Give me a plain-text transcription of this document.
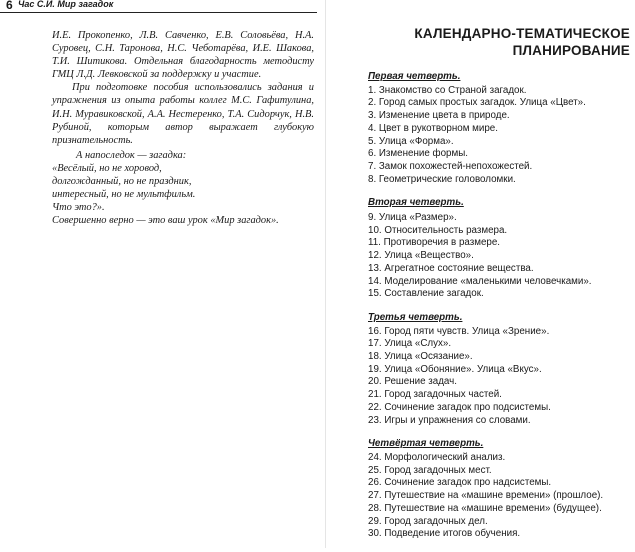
6 Час С.И. Мир загадок

И.Е. Прокопенко, Л.В. Савченко, Е.В. Соловьёва, Н.А. Суровец, С.Н. Таронова, Н.С. Чеботарёва, И.Е. Шакова, Т.И. Шитикова. Отдельная благодарность методисту ГМЦ Л.Д. Левковской за поддержку и участие.

При подготовке пособия использовались задания и упражнения из опыта работы коллег М.С. Гафитулина, И.Н. Муравиковской, А.А. Нестеренко, Т.А. Сидорчук, Н.В. Рубиной, которым автор выражает глубокую признательность.

А напоследок — загадка:
«Весёлый, но не хоровод,
долгожданный, но не праздник,
интересный, но не мультфильм.
Что это?».
Совершенно верно — это ваш урок «Мир загадок».
КАЛЕНДАРНО-ТЕМАТИЧЕСКОЕ
ПЛАНИРОВАНИЕ
Первая четверть.
1. Знакомство со Страной загадок.
2. Город самых простых загадок. Улица «Цвет».
3. Изменение цвета в природе.
4. Цвет в рукотворном мире.
5. Улица «Форма».
6. Изменение формы.
7. Замок похожестей-непохожестей.
8. Геометрические головоломки.
Вторая четверть.
9. Улица «Размер».
10. Относительность размера.
11. Противоречия в размере.
12. Улица «Вещество».
13. Агрегатное состояние вещества.
14. Моделирование «маленькими человечками».
15. Составление загадок.
Третья четверть.
16. Город пяти чувств. Улица «Зрение».
17. Улица «Слух».
18. Улица «Осязание».
19. Улица «Обоняние». Улица «Вкус».
20. Решение задач.
21. Город загадочных частей.
22. Сочинение загадок про подсистемы.
23. Игры и упражнения со словами.
Четвёртая четверть.
24. Морфологический анализ.
25. Город загадочных мест.
26. Сочинение загадок про надсистемы.
27. Путешествие на «машине времени» (прошлое).
28. Путешествие на «машине времени» (будущее).
29. Город загадочных дел.
30. Подведение итогов обучения.
